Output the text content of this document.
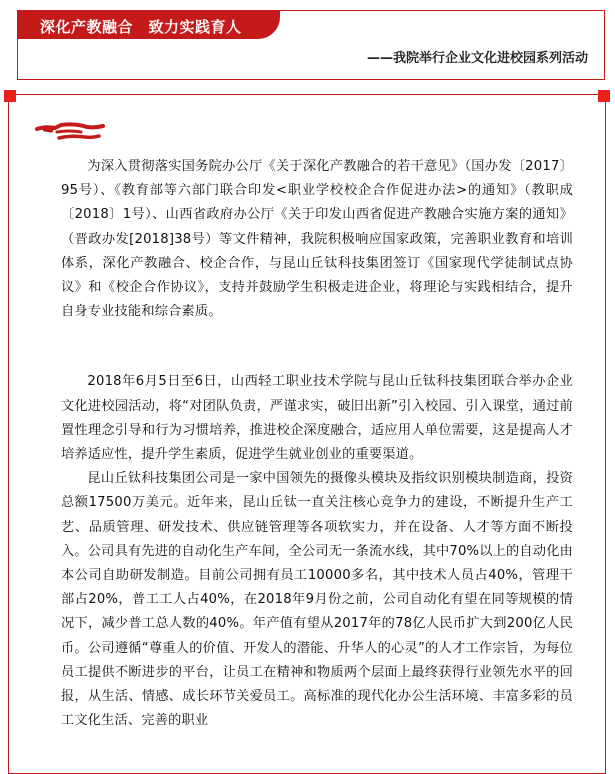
深化产教融合　致力实践育人
——我院举行企业文化进校园系列活动

为深入贯彻落实国务院办公厅《关于深化产教融合的若干意见》（国办发〔2017〕95号）、《教育部等六部门联合印发<职业学校校企合作促进办法>的通知》（教职成〔2018〕1号）、山西省政府办公厅《关于印发山西省促进产教融合实施方案的通知》（晋政办发[2018]38号）等文件精神，我院积极响应国家政策，完善职业教育和培训体系，深化产教融合、校企合作，与昆山丘钛科技集团签订《国家现代学徒制试点协议》和《校企合作协议》，支持并鼓励学生积极走进企业，将理论与实践相结合，提升自身专业技能和综合素质。

2018年6月5日至6日，山西轻工职业技术学院与昆山丘钛科技集团联合举办企业文化进校园活动，将“对团队负责，严谨求实，破旧出新”引入校园、引入课堂，通过前置性理念引导和行为习惯培养，推进校企深度融合，适应用人单位需要，这是提高人才培养适应性，提升学生素质，促进学生就业创业的重要渠道。

昆山丘钛科技集团公司是一家中国领先的摄像头模块及指纹识别模块制造商，投资总额17500万美元。近年来，昆山丘钛一直关注核心竞争力的建设，不断提升生产工艺、品质管理、研发技术、供应链管理等各项软实力，并在设备、人才等方面不断投入。公司具有先进的自动化生产车间，全公司无一条流水线，其中70%以上的自动化由本公司自助研发制造。目前公司拥有员工10000多名，其中技术人员占40%，管理干部占20%，普工工人占40%，在2018年9月份之前，公司自动化有望在同等规模的情况下，减少普工总人数的40%。年产值有望从2017年的78亿人民币扩大到200亿人民币。公司遵循“尊重人的价值、开发人的潜能、升华人的心灵”的人才工作宗旨，为每位员工提供不断进步的平台，让员工在精神和物质两个层面上最终获得行业领先水平的回报，从生活、情感、成长环节关爱员工。高标准的现代化办公生活环境、丰富多彩的员工文化生活、完善的职业
